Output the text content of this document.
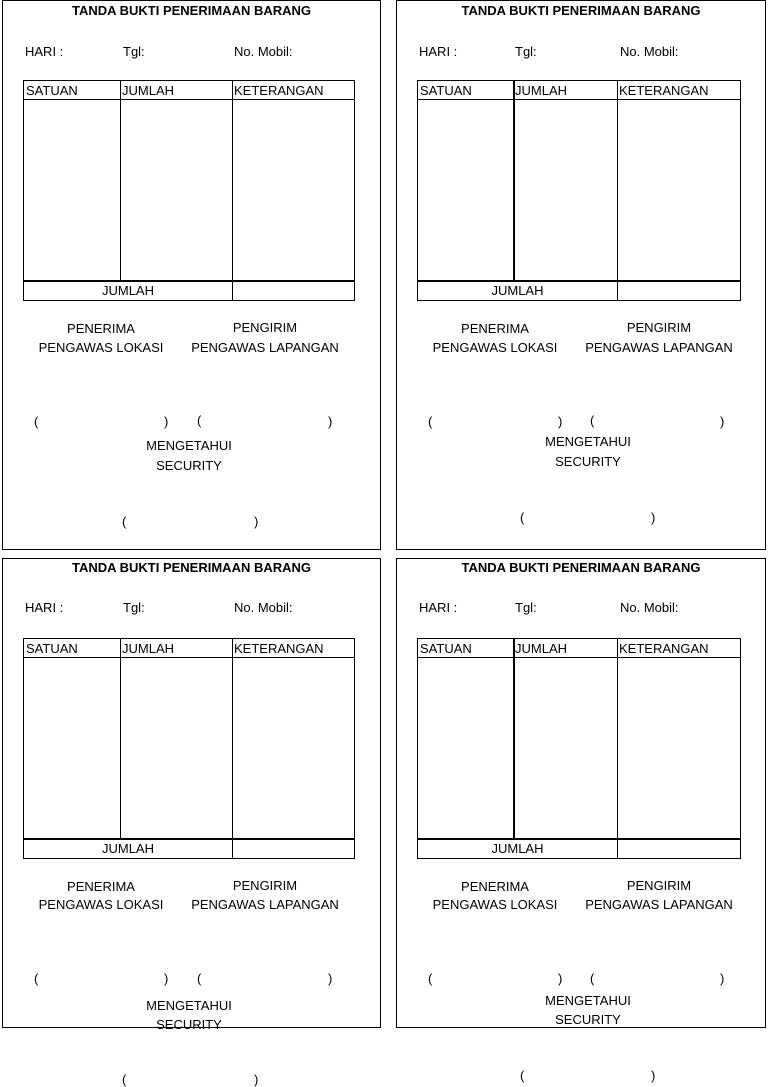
TANDA BUKTI PENERIMAAN BARANG
HARI :	Tgl:	No. Mobil:
SATUAN	JUMLAH	KETERANGAN
JUMLAH
PENERIMA
PENGAWAS LOKASI
PENGIRIM
PENGAWAS LAPANGAN
(	) (	)
MENGETAHUI
SECURITY
(	)
TANDA BUKTI PENERIMAAN BARANG
HARI :	Tgl:	No. Mobil:
SATUAN	JUMLAH	KETERANGAN
JUMLAH
PENERIMA
PENGAWAS LOKASI
PENGIRIM
PENGAWAS LAPANGAN
(	) (	)
MENGETAHUI
SECURITY
(	)
TANDA BUKTI PENERIMAAN BARANG
HARI :	Tgl:	No. Mobil:
SATUAN	JUMLAH	KETERANGAN
JUMLAH
PENERIMA
PENGAWAS LOKASI
PENGIRIM
PENGAWAS LAPANGAN
(	) (	)
MENGETAHUI
SECURITY
(	)
TANDA BUKTI PENERIMAAN BARANG
HARI :	Tgl:	No. Mobil:
SATUAN	JUMLAH	KETERANGAN
JUMLAH
PENERIMA
PENGAWAS LOKASI
PENGIRIM
PENGAWAS LAPANGAN
(	) (	)
MENGETAHUI
SECURITY
(	)
